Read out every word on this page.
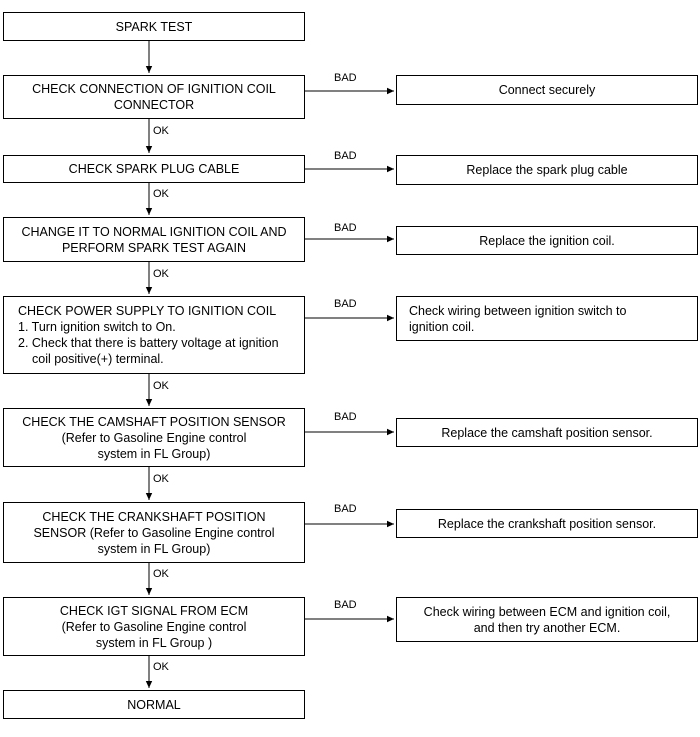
SPARK TEST
NORMAL
CHECK CONNECTION OF IGNITION COIL
CONNECTOR
Connect securely
BAD
OK
CHECK SPARK PLUG CABLE	Replace the spark plug cable
BAD
OK
CHANGE IT TO NORMAL IGNITION COIL AND
PERFORM SPARK TEST AGAIN	Replace the ignition coil.
BAD
OK
CHECK POWER SUPPLY TO IGNITION COIL
1. Turn ignition switch to On.
2. Check that there is battery voltage at ignition
coil positive(+) terminal.
Check wiring between ignition switch to
ignition coil.
BAD
OK
CHECK THE CAMSHAFT POSITION SENSOR
(Refer to Gasoline Engine control
system in FL Group)
Replace the camshaft position sensor.
BAD
OK
CHECK THE CRANKSHAFT POSITION
SENSOR (Refer to Gasoline Engine control
system in FL Group)
Replace the crankshaft position sensor.
BAD
OK
CHECK IGT SIGNAL FROM ECM
(Refer to Gasoline Engine control
system in FL Group )
Check wiring between ECM and ignition coil,
and then try another ECM.
BAD
OK
